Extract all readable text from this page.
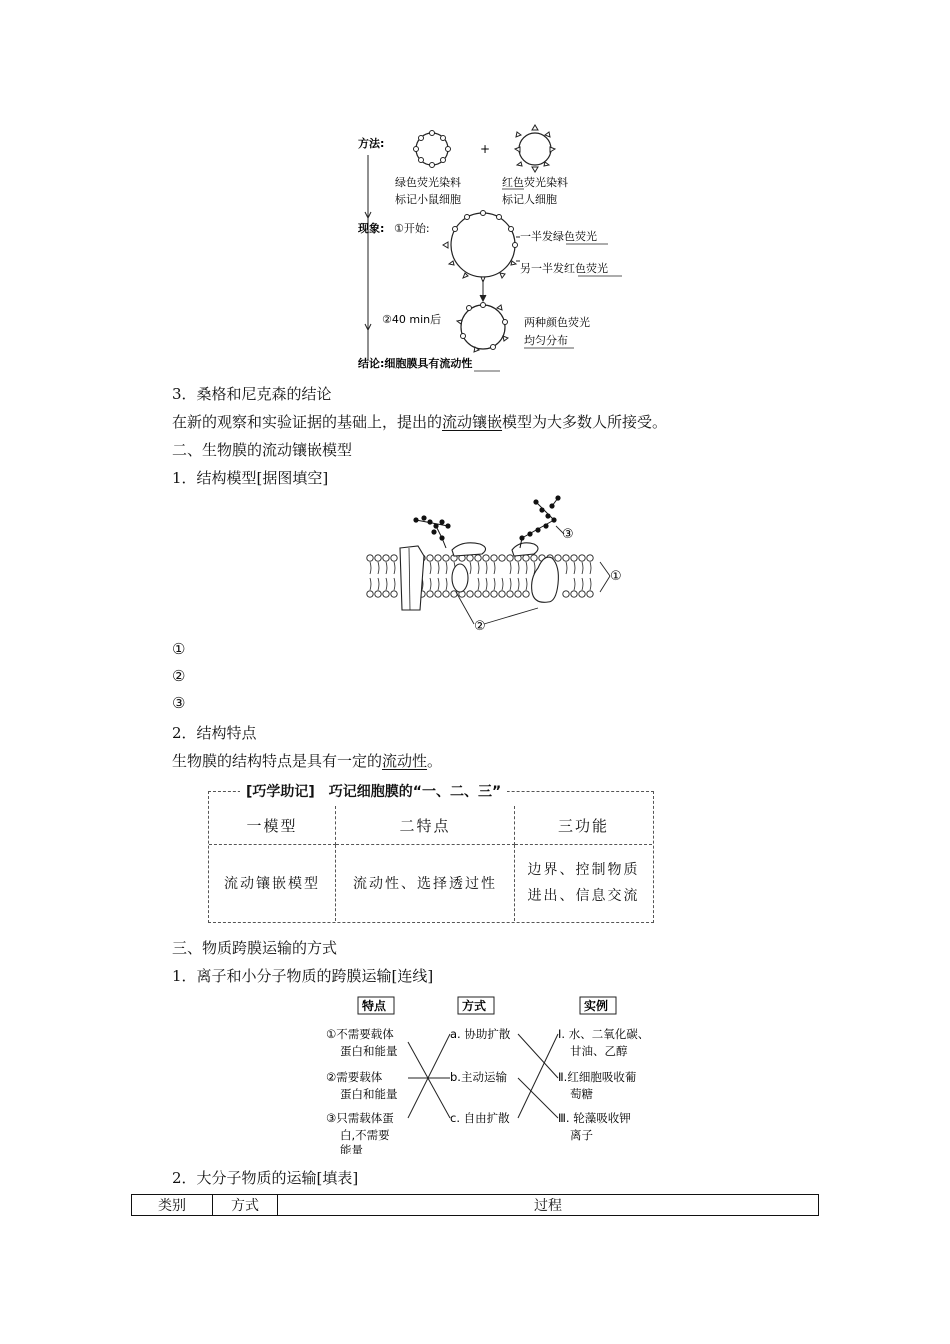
方法:	+
绿色荧光染料
标记小鼠细胞
红色荧光染料
标记人细胞
现象: ①开始:
一半发绿色荧光
另一半发红色荧光
②40 min后	两种颜色荧光
均匀分布
结论:细胞膜具有流动性
3．桑格和尼克森的结论
在新的观察和实验证据的基础上，提出的流动镶嵌模型为大多数人所接受。
二、生物膜的流动镶嵌模型
1．结构模型[据图填空]
③
①
②
①
②
③
2．结构特点
生物膜的结构特点是具有一定的流动性。
一模型	二特点	三功能
流动镶嵌模型	流动性、选择透过性	边界、控制物质
进出、信息交流
[巧学助记]　巧记细胞膜的“一、二、三”
三、物质跨膜运输的方式
1．离子和小分子物质的跨膜运输[连线]
特点	方式	实例
①不需要载体
蛋白和能量
②需要载体
蛋白和能量
③只需载体蛋
白,不需要
能量
a. 协助扩散
b.主动运输
c. 自由扩散
Ⅰ. 水、二氧化碳、
甘油、乙醇
Ⅱ.红细胞吸收葡
萄糖
Ⅲ. 轮藻吸收钾
离子
2．大分子物质的运输[填表]
类别	方式	过程
